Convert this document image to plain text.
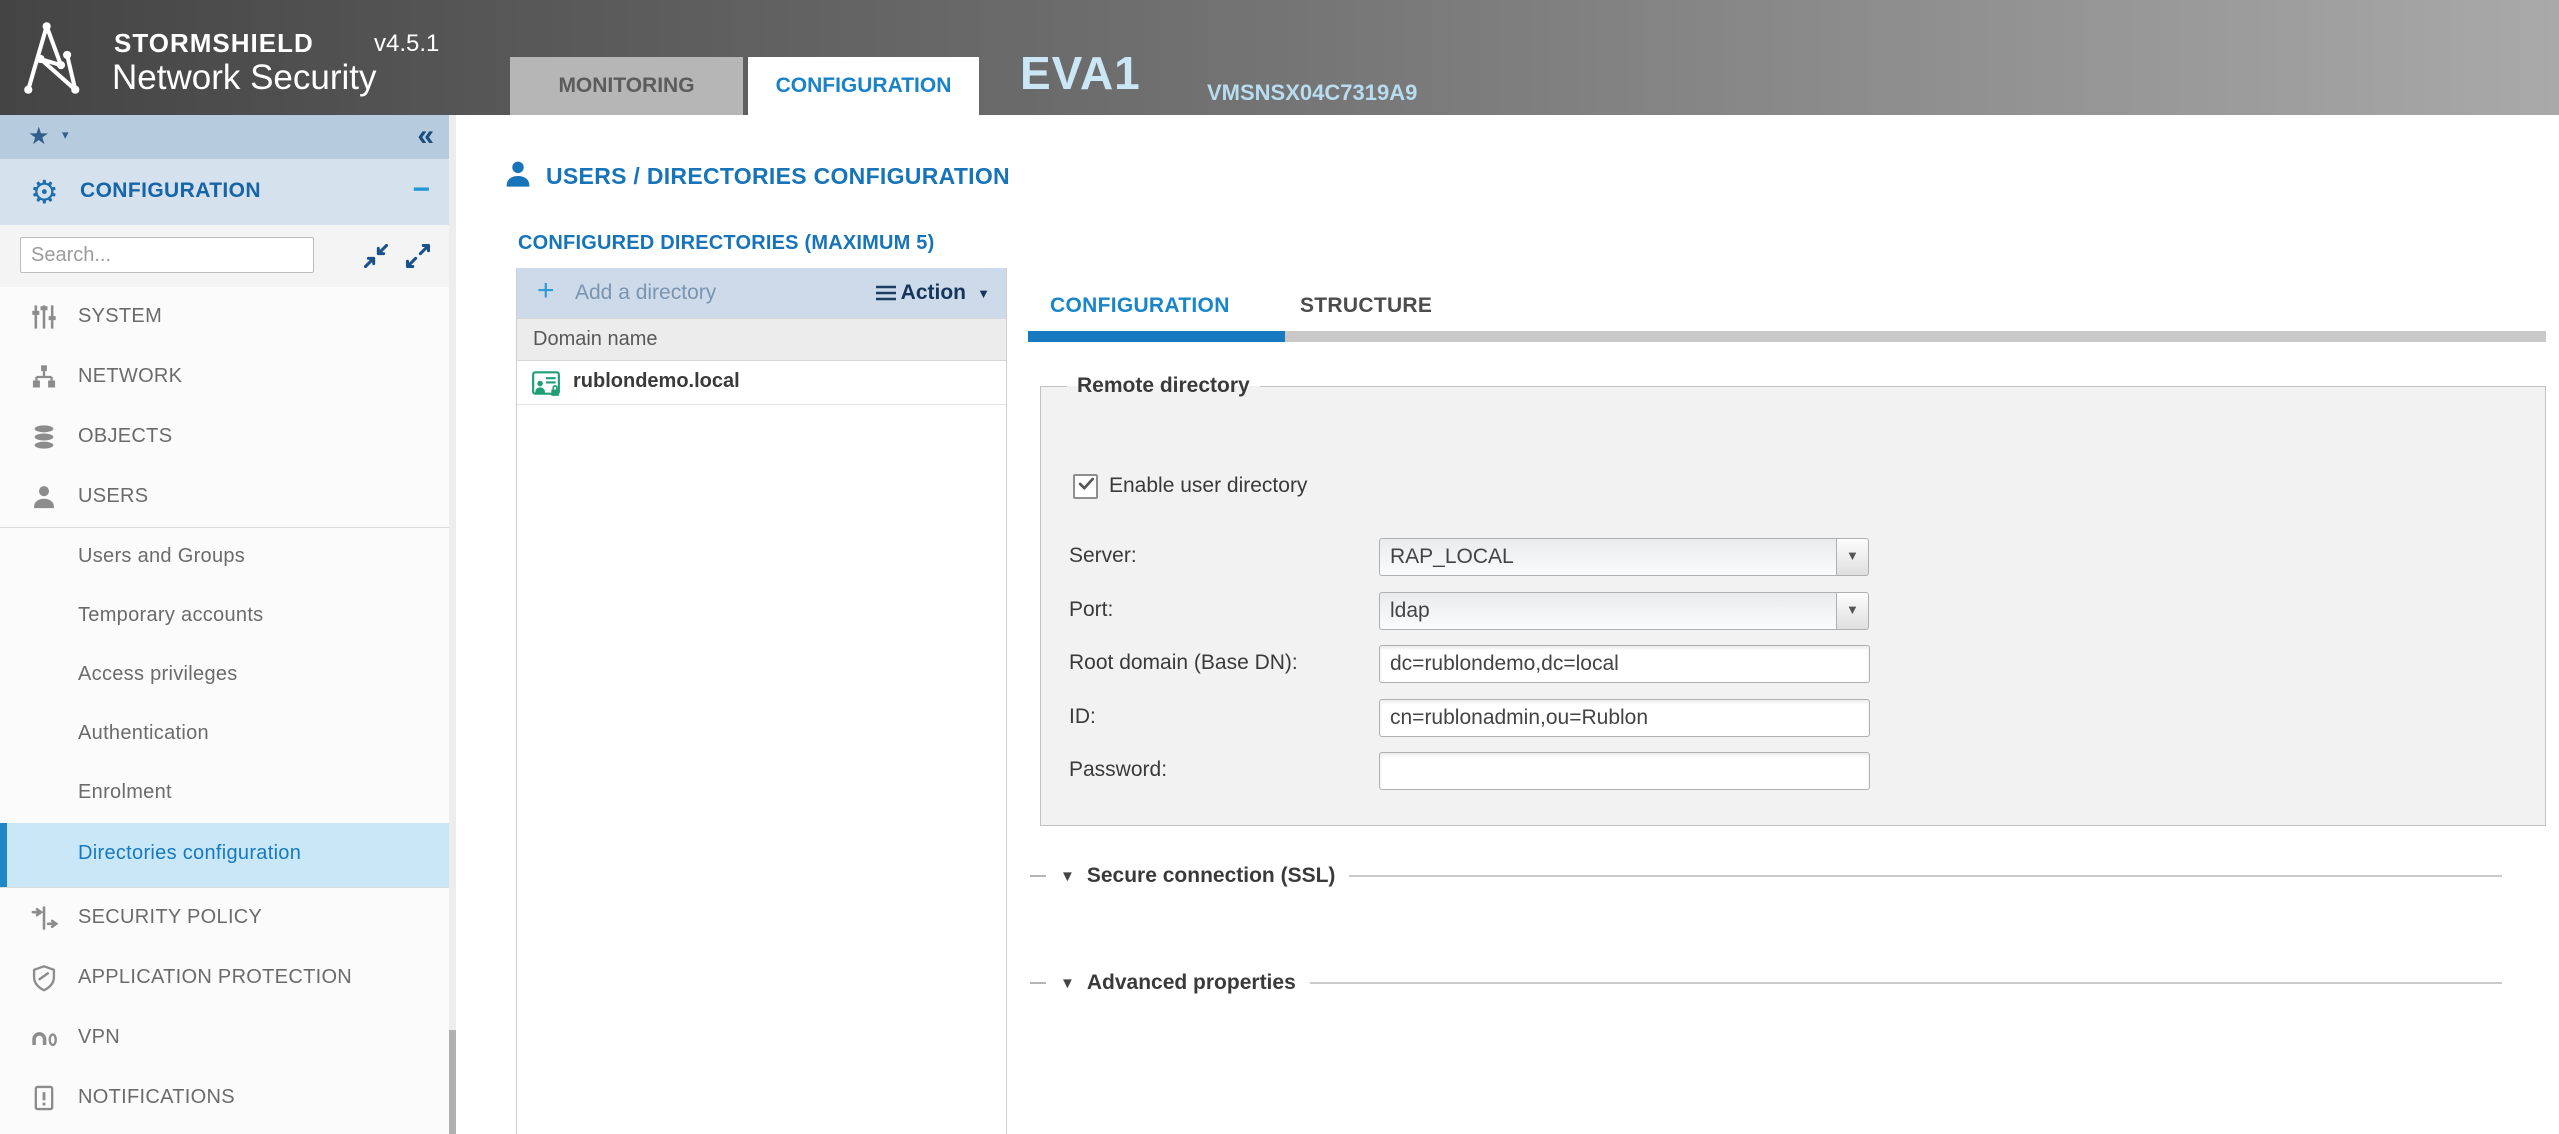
STORMSHIELD	v4.5.1
Network Security	MONITORING	CONFIGURATION	EVA1	VMSNSX04C7319A9
★
▾
«
⚙
CONFIGURATION
−
Search...
SYSTEM
NETWORK
OBJECTS
USERS
Users and Groups
Temporary accounts
Access privileges
Authentication
Enrolment
Directories configuration
SECURITY POLICY
APPLICATION PROTECTION
VPN
NOTIFICATIONS
USERS / DIRECTORIES CONFIGURATION
CONFIGURED DIRECTORIES (MAXIMUM 5)
+
Add a directory	Action
▼
Domain name
rublondemo.local
CONFIGURATION	STRUCTURE
Remote directory
Enable user directory
Server:
RAP_LOCAL
▼
Port:
ldap
▼
Root domain (Base DN):
dc=rublondemo,dc=local
ID:
cn=rublonadmin,ou=Rublon
Password:
▼
Secure connection (SSL)
▼
Advanced properties
